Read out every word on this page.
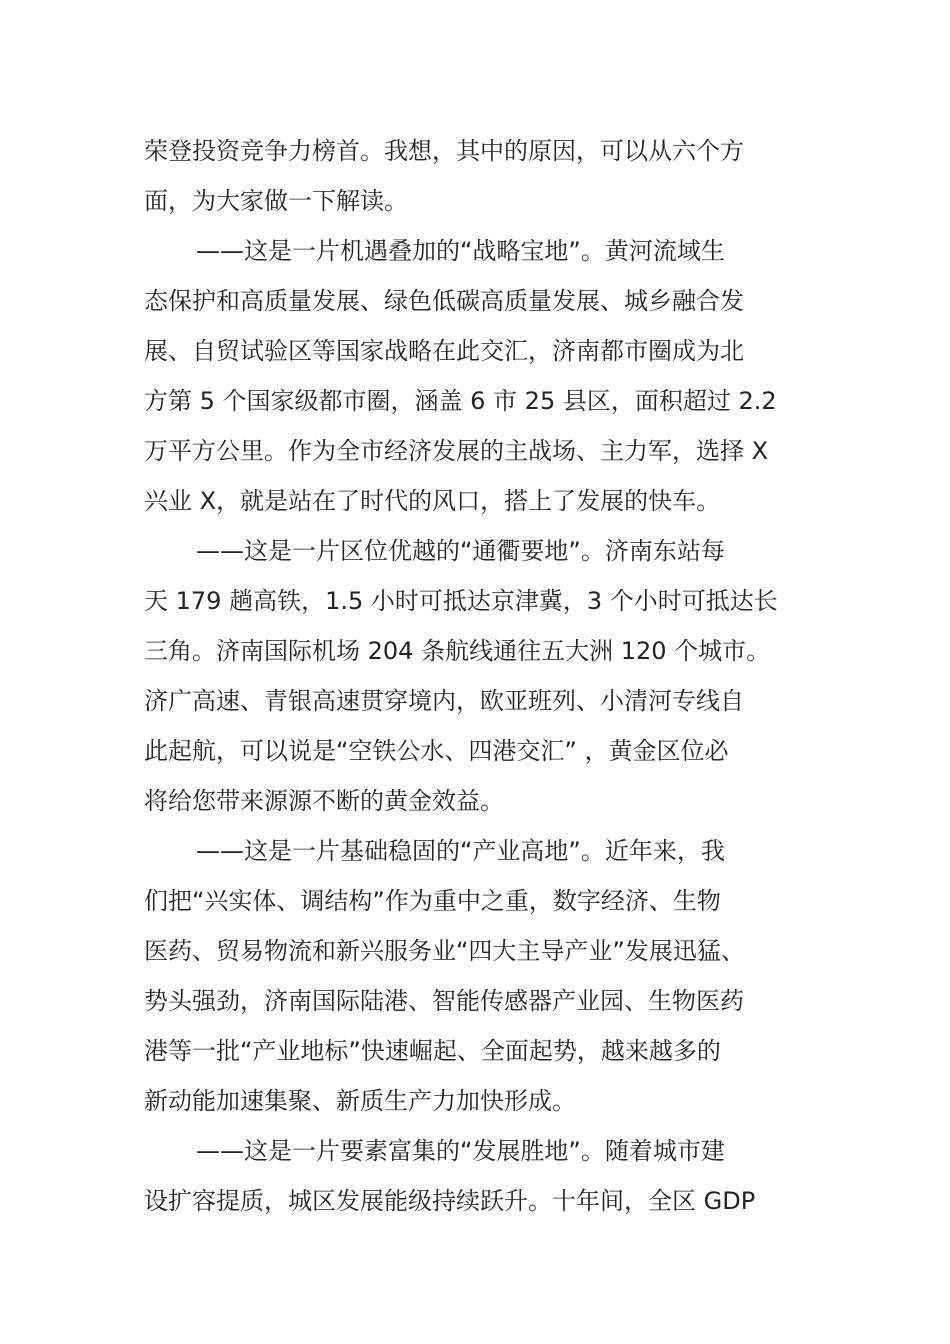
荣登投资竞争力榜首。我想，其中的原因，可以从六个方
面，为大家做一下解读。
——这是一片机遇叠加的“战略宝地”。黄河流域生
态保护和高质量发展、绿色低碳高质量发展、城乡融合发
展、自贸试验区等国家战略在此交汇，济南都市圈成为北
方第 5 个国家级都市圈，涵盖 6 市 25 县区，面积超过 2.2
万平方公里。作为全市经济发展的主战场、主力军，选择 X
兴业 X，就是站在了时代的风口，搭上了发展的快车。
——这是一片区位优越的“通衢要地”。济南东站每
天 179 趟高铁，1.5 小时可抵达京津冀，3 个小时可抵达长
三角。济南国际机场 204 条航线通往五大洲 120 个城市。
济广高速、青银高速贯穿境内，欧亚班列、小清河专线自
此起航，可以说是“空铁公水、四港交汇” ，黄金区位必
将给您带来源源不断的黄金效益。
——这是一片基础稳固的“产业高地”。近年来，我
们把“兴实体、调结构”作为重中之重，数字经济、生物
医药、贸易物流和新兴服务业“四大主导产业”发展迅猛、
势头强劲，济南国际陆港、智能传感器产业园、生物医药
港等一批“产业地标”快速崛起、全面起势，越来越多的
新动能加速集聚、新质生产力加快形成。
——这是一片要素富集的“发展胜地”。随着城市建
设扩容提质，城区发展能级持续跃升。十年间，全区 GDP
